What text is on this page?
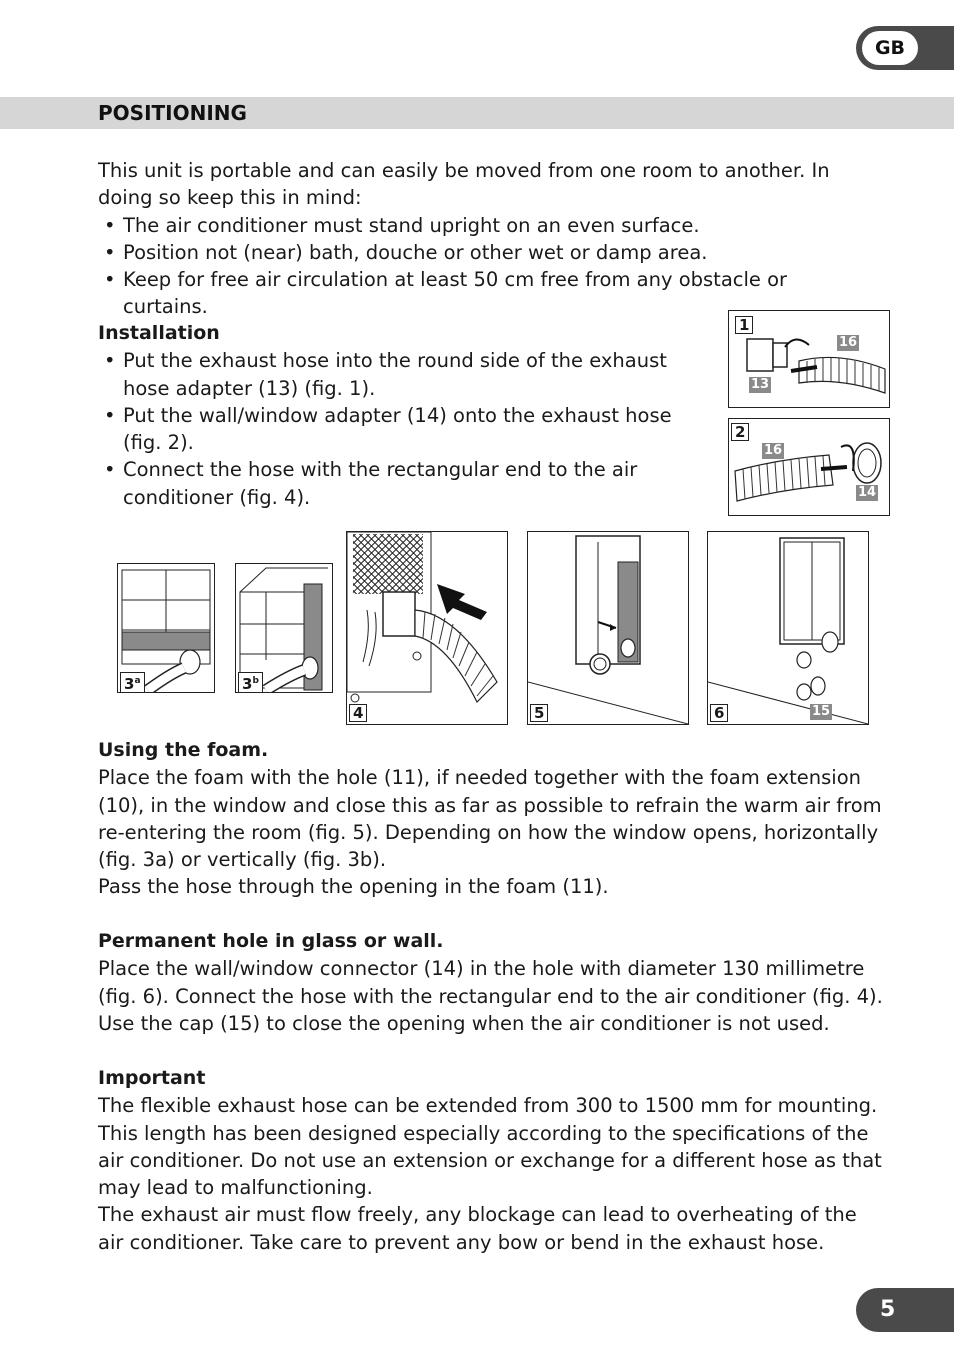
GB
POSITIONING

This unit is portable and can easily be moved from one room to another. In doing so keep this in mind:

• The air conditioner must stand upright on an even surface.
• Position not (near) bath, douche or other wet or damp area.
• Keep for free air circulation at least 50 cm free from any obstacle or curtains.

Installation

• Put the exhaust hose into the round side of the exhaust hose adapter (13) (fig. 1).
• Put the wall/window adapter (14) onto the exhaust hose (fig. 2).
• Connect the hose with the rectangular end to the air conditioner (fig. 4).
1
16
13
2
16
14
3$^a$	3$^b$
4	5	6	15

Using the foam.

Place the foam with the hole (11), if needed together with the foam extension (10), in the window and close this as far as possible to refrain the warm air from re-entering the room (fig. 5). Depending on how the window opens, horizontally (fig. 3a) or vertically (fig. 3b).

Pass the hose through the opening in the foam (11).

Permanent hole in glass or wall.

Place the wall/window connector (14) in the hole with diameter 130 millimetre (fig. 6). Connect the hose with the rectangular end to the air conditioner (fig. 4). Use the cap (15) to close the opening when the air conditioner is not used.

Important

The flexible exhaust hose can be extended from 300 to 1500 mm for mounting. This length has been designed especially according to the specifications of the air conditioner. Do not use an extension or exchange for a different hose as that may lead to malfunctioning.

The exhaust air must flow freely, any blockage can lead to overheating of the air conditioner. Take care to prevent any bow or bend in the exhaust hose.

5
